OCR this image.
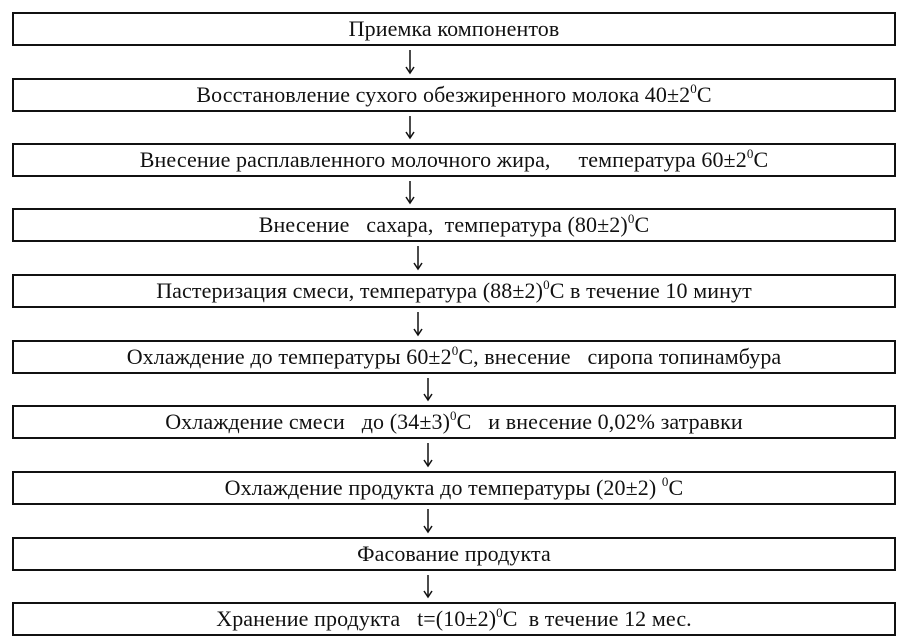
Приемка компонентов
Восстановление сухого обезжиренного молока $40\pm 2^0С$
Внесение расплавленного молочного жира,     температура $60\pm 2^0С$
Внесение   сахара,  температура $(80\pm 2)^0С$
Пастеризация смеси, температура $(88\pm 2)^0С$ в течение 10 минут
Охлаждение до температуры $60\pm 2^0С$, внесение   сиропа топинамбура
Охлаждение смеси   до $(34\pm 3)^0С$   и внесение 0,02% затравки
Охлаждение продукта до температуры (20±2) $^0$С
Фасование продукта
Хранение продукта   $t=(10\pm 2)^0С$  в течение 12 мес.
